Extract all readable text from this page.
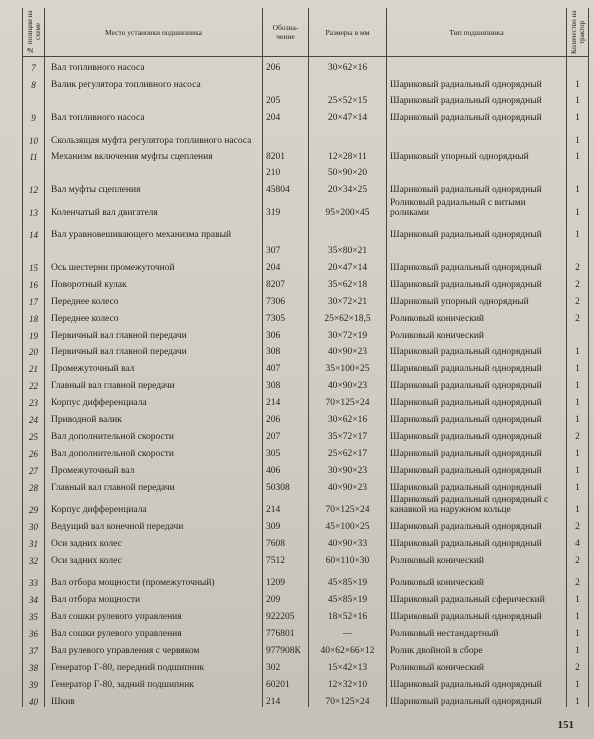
№ позиции на схеме	Место установки подшипника	Обозна-чение	Размеры в мм	Тип подшипника	Количество на трактор

7	Вал топливного насоса	206	30×62×16		
8	Валик регулятора топливного насоса			Шариковый радиальный однорядный	1
		205	25×52×15	Шариковый радиальный однорядный	1
9	Вал топливного насоса	204	20×47×14	Шариковый радиальный однорядный	1
10	Скользящая муфта регулятора топливного насоса				1
11	Механизм включения муфты сцепления	8201	12×28×11	Шариковый упорный однорядный	1
		210	50×90×20		
12	Вал муфты сцепления	45804	20×34×25	Шариковый радиальный однорядный	1
13	Коленчатый вал двигателя	319	95×200×45	Роликовый радиальный с витыми роликами	1
14	Вал уравновешивающего механизма правый			Шариковый радиальный однорядный	1
		307	35×80×21		
15	Ось шестерни промежуточной	204	20×47×14	Шариковый радиальный однорядный	2
16	Поворотный кулак	8207	35×62×18	Шариковый радиальный однорядный	2
17	Переднее колесо	7306	30×72×21	Шариковый упорный однорядный	2
18	Переднее колесо	7305	25×62×18,5	Роликовый конический	2
19	Первичный вал главной передачи	306	30×72×19	Роликовый конический	
20	Первичный вал главной передачи	308	40×90×23	Шариковый радиальный однорядный	1
21	Промежуточный вал	407	35×100×25	Шариковый радиальный однорядный	1
22	Главный вал главной передачи	308	40×90×23	Шариковый радиальный однорядный	1
23	Корпус дифференциала	214	70×125×24	Шариковый радиальный однорядный	1
24	Приводной валик	206	30×62×16	Шариковый радиальный однорядный	1
25	Вал дополнительной скорости	207	35×72×17	Шариковый радиальный однорядный	2
26	Вал дополнительной скорости	305	25×62×17	Шариковый радиальный однорядный	1
27	Промежуточный вал	406	30×90×23	Шариковый радиальный однорядный	1
28	Главный вал главной передачи	50308	40×90×23	Шариковый радиальный однорядный	1
29	Корпус дифференциала	214	70×125×24	Шариковый радиальный однорядный с канавкой на наружном кольце	1
30	Ведущий вал конечной передачи	309	45×100×25	Шариковый радиальный однорядный	2
31	Оси задних колес	7608	40×90×33	Шариковый радиальный однорядный	4
32	Оси задних колес	7512	60×110×30	Роликовый конический	2
33	Вал отбора мощности (промежуточный)	1209	45×85×19	Роликовый конический	2
34	Вал отбора мощности	209	45×85×19	Шариковый радиальный сферический	1
35	Вал сошки рулевого управления	922205	18×52×16	Шариковый радиальный однорядный	1
36	Вал сошки рулевого управления	776801	—	Роликовый нестандартный	1
37	Вал рулевого управления с червяком	977908К	40×62×66×12	Ролик двойной в сборе	1
38	Генератор Г-80, передний подшипник	302	15×42×13	Роликовый конический	2
39	Генератор Г-80, задний подшипник	60201	12×32×10	Шариковый радиальный однорядный	1
40	Шкив	214	70×125×24	Шариковый радиальный однорядный	1
151
